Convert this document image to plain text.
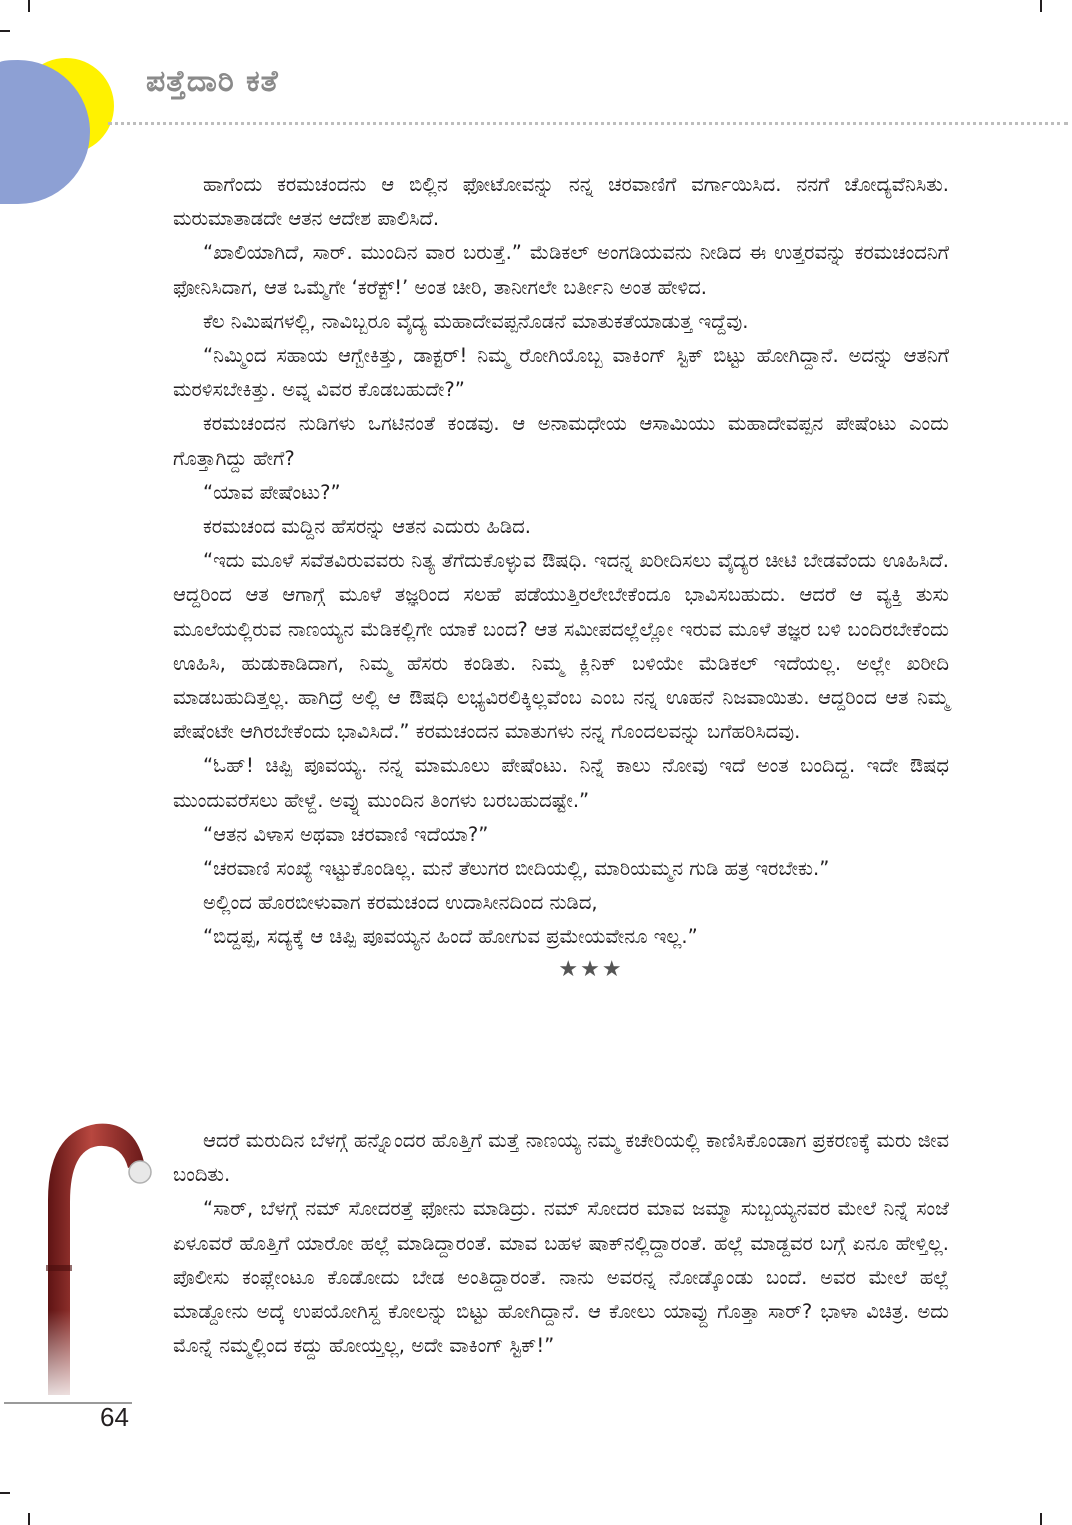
ಪತ್ತೆದಾರಿ ಕತೆ

ಹಾಗೆಂದು ಕರಮಚಂದನು ಆ ಬಿಲ್ಲಿನ ಫೋಟೋವನ್ನು ನನ್ನ ಚರವಾಣಿಗೆ ವರ್ಗಾಯಿಸಿದ. ನನಗೆ ಚೋದ್ಯವೆನಿಸಿತು. ಮರುಮಾತಾಡದೇ ಆತನ ಆದೇಶ ಪಾಲಿಸಿದೆ.

“ಖಾಲಿಯಾಗಿದೆ, ಸಾರ್. ಮುಂದಿನ ವಾರ ಬರುತ್ತೆ.” ಮೆಡಿಕಲ್ ಅಂಗಡಿಯವನು ನೀಡಿದ ಈ ಉತ್ತರವನ್ನು ಕರಮಚಂದನಿಗೆ ಫೋನಿಸಿದಾಗ, ಆತ ಒಮ್ಮೆಗೇ ‘ಕರೆಕ್ಟ್!’ ಅಂತ ಚೀರಿ, ತಾನೀಗಲೇ ಬರ್ತೀನಿ ಅಂತ ಹೇಳಿದ.

ಕೆಲ ನಿಮಿಷಗಳಲ್ಲಿ, ನಾವಿಬ್ಬರೂ ವೈದ್ಯ ಮಹಾದೇವಪ್ಪನೊಡನೆ ಮಾತುಕತೆಯಾಡುತ್ತ ಇದ್ದೆವು.

“ನಿಮ್ಮಿಂದ ಸಹಾಯ ಆಗ್ಬೇಕಿತ್ತು, ಡಾಕ್ಟರ್! ನಿಮ್ಮ ರೋಗಿಯೊಬ್ಬ ವಾಕಿಂಗ್ ಸ್ಟಿಕ್ ಬಿಟ್ಟು ಹೋಗಿದ್ದಾನೆ. ಅದನ್ನು ಆತನಿಗೆ ಮರಳಿಸಬೇಕಿತ್ತು. ಅವ್ನ ವಿವರ ಕೊಡಬಹುದೇ?”

ಕರಮಚಂದನ ನುಡಿಗಳು ಒಗಟಿನಂತೆ ಕಂಡವು. ಆ ಅನಾಮಧೇಯ ಆಸಾಮಿಯು ಮಹಾದೇವಪ್ಪನ ಪೇಷೆಂಟು ಎಂದು ಗೊತ್ತಾಗಿದ್ದು ಹೇಗೆ?

“ಯಾವ ಪೇಷೆಂಟು?”

ಕರಮಚಂದ ಮದ್ದಿನ ಹೆಸರನ್ನು ಆತನ ಎದುರು ಹಿಡಿದ.

“ಇದು ಮೂಳೆ ಸವೆತವಿರುವವರು ನಿತ್ಯ ತೆಗೆದುಕೊಳ್ಳುವ ಔಷಧಿ. ಇದನ್ನ ಖರೀದಿಸಲು ವೈದ್ಯರ ಚೀಟಿ ಬೇಡವೆಂದು ಊಹಿಸಿದೆ. ಆದ್ದರಿಂದ ಆತ ಆಗಾಗ್ಗೆ ಮೂಳೆ ತಜ್ಞರಿಂದ ಸಲಹೆ ಪಡೆಯುತ್ತಿರಲೇಬೇಕೆಂದೂ ಭಾವಿಸಬಹುದು. ಆದರೆ ಆ ವ್ಯಕ್ತಿ ತುಸು ಮೂಲೆಯಲ್ಲಿರುವ ನಾಣಯ್ಯನ ಮೆಡಿಕಲ್ಲಿಗೇ ಯಾಕೆ ಬಂದ? ಆತ ಸಮೀಪದಲ್ಲೆಲ್ಲೋ ಇರುವ ಮೂಳೆ ತಜ್ಞರ ಬಳಿ ಬಂದಿರಬೇಕೆಂದು ಊಹಿಸಿ, ಹುಡುಕಾಡಿದಾಗ, ನಿಮ್ಮ ಹೆಸರು ಕಂಡಿತು. ನಿಮ್ಮ ಕ್ಲಿನಿಕ್ ಬಳಿಯೇ ಮೆಡಿಕಲ್ ಇದೆಯಲ್ಲ. ಅಲ್ಲೇ ಖರೀದಿ ಮಾಡಬಹುದಿತ್ತಲ್ಲ. ಹಾಗಿದ್ರೆ ಅಲ್ಲಿ ಆ ಔಷಧಿ ಲಭ್ಯವಿರಲಿಕ್ಕಿಲ್ಲವೆಂಬ ಎಂಬ ನನ್ನ ಊಹನೆ ನಿಜವಾಯಿತು. ಆದ್ದರಿಂದ ಆತ ನಿಮ್ಮ ಪೇಷೆಂಟೇ ಆಗಿರಬೇಕೆಂದು ಭಾವಿಸಿದೆ.” ಕರಮಚಂದನ ಮಾತುಗಳು ನನ್ನ ಗೊಂದಲವನ್ನು ಬಗೆಹರಿಸಿದವು.

“ಓಹ್! ಚಿಪ್ಪಿ ಪೂವಯ್ಯ. ನನ್ನ ಮಾಮೂಲು ಪೇಷೆಂಟು. ನಿನ್ನೆ ಕಾಲು ನೋವು ಇದೆ ಅಂತ ಬಂದಿದ್ದ. ಇದೇ ಔಷಧ ಮುಂದುವರೆಸಲು ಹೇಳ್ದೆ. ಅವ್ನು ಮುಂದಿನ ತಿಂಗಳು ಬರಬಹುದಷ್ಟೇ.”

“ಆತನ ವಿಳಾಸ ಅಥವಾ ಚರವಾಣಿ ಇದೆಯಾ?”

“ಚರವಾಣಿ ಸಂಖ್ಯೆ ಇಟ್ಟುಕೊಂಡಿಲ್ಲ. ಮನೆ ತೆಲುಗರ ಬೀದಿಯಲ್ಲಿ, ಮಾರಿಯಮ್ಮನ ಗುಡಿ ಹತ್ರ ಇರಬೇಕು.”

ಅಲ್ಲಿಂದ ಹೊರಬೀಳುವಾಗ ಕರಮಚಂದ ಉದಾಸೀನದಿಂದ ನುಡಿದ,

“ಬಿದ್ದಪ್ಪ, ಸದ್ಯಕ್ಕೆ ಆ ಚಿಪ್ಪಿ ಪೂವಯ್ಯನ ಹಿಂದೆ ಹೋಗುವ ಪ್ರಮೇಯವೇನೂ ಇಲ್ಲ.”

★★★

ಆದರೆ ಮರುದಿನ ಬೆಳಗ್ಗೆ ಹನ್ನೊಂದರ ಹೊತ್ತಿಗೆ ಮತ್ತೆ ನಾಣಯ್ಯ ನಮ್ಮ ಕಚೇರಿಯಲ್ಲಿ ಕಾಣಿಸಿಕೊಂಡಾಗ ಪ್ರಕರಣಕ್ಕೆ ಮರು ಜೀವ ಬಂದಿತು.

“ಸಾರ್, ಬೆಳಗ್ಗೆ ನಮ್ ಸೋದರತ್ತೆ ಫೋನು ಮಾಡಿದ್ರು. ನಮ್ ಸೋದರ ಮಾವ ಜಮ್ಮಾ ಸುಬ್ಬಯ್ಯನವರ ಮೇಲೆ ನಿನ್ನೆ ಸಂಜೆ ಏಳೂವರೆ ಹೊತ್ತಿಗೆ ಯಾರೋ ಹಲ್ಲೆ ಮಾಡಿದ್ದಾರಂತೆ. ಮಾವ ಬಹಳ ಷಾಕ್‌ನಲ್ಲಿದ್ದಾರಂತೆ. ಹಲ್ಲೆ ಮಾಡ್ದವರ ಬಗ್ಗೆ ಏನೂ ಹೇಳ್ತಿಲ್ಲ. ಪೊಲೀಸು ಕಂಪ್ಲೇಂಟೂ ಕೊಡೋದು ಬೇಡ ಅಂತಿದ್ದಾರಂತೆ. ನಾನು ಅವರನ್ನ ನೋಡ್ಕೊಂಡು ಬಂದೆ. ಅವರ ಮೇಲೆ ಹಲ್ಲೆ ಮಾಡ್ದೋನು ಅದ್ಕೆ ಉಪಯೋಗಿಸ್ದ ಕೋಲನ್ನು ಬಿಟ್ಟು ಹೋಗಿದ್ದಾನೆ. ಆ ಕೋಲು ಯಾವ್ದು ಗೊತ್ತಾ ಸಾರ್? ಭಾಳಾ ವಿಚಿತ್ರ. ಅದು ಮೊನ್ನೆ ನಮ್ಮಲ್ಲಿಂದ ಕದ್ದು ಹೋಯ್ತಲ್ಲ, ಅದೇ ವಾಕಿಂಗ್ ಸ್ಟಿಕ್!”

64
